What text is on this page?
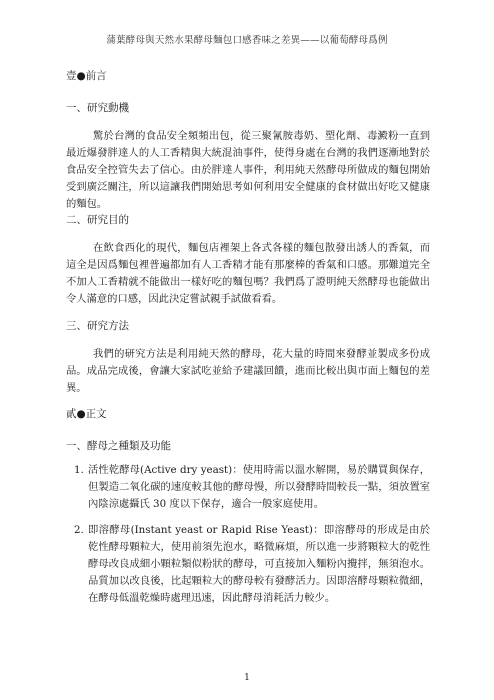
蒲葉酵母與天然水果酵母麵包口感香味之差異——以葡萄酵母爲例
壹●前言
一、研究動機
驚於台灣的食品安全頻頻出包，從三聚氰胺毒奶、塑化劑、毒澱粉一直到最近爆發胖達人的人工香精與大統混油事件，使得身處在台灣的我們逐漸地對於食品安全控管失去了信心。由於胖達人事件，利用純天然酵母所做成的麵包開始受到廣泛關注，所以這讓我們開始思考如何利用安全健康的食材做出好吃又健康的麵包。
二、研究目的
在飲食西化的現代，麵包店裡架上各式各樣的麵包散發出誘人的香氣，而這全是因爲麵包裡普遍都加有人工香精才能有那麼棒的香氣和口感。那難道完全不加人工香精就不能做出一樣好吃的麵包嗎？我們爲了證明純天然酵母也能做出令人滿意的口感，因此決定嘗試親手試做看看。
三、研究方法
我們的研究方法是利用純天然的酵母，花大量的時間來發酵並製成多份成品。成品完成後，會讓大家試吃並給予建議回饋，進而比較出與市面上麵包的差異。
貳●正文
一、酵母之種類及功能
1. 活性乾酵母(Active dry yeast)：使用時需以溫水解開，易於購買與保存，但製造二氧化碳的速度較其他的酵母慢，所以發酵時間較長一點，須放置室內陰涼處攝氏 30 度以下保存，適合一般家庭使用。
2. 即溶酵母(Instant yeast or Rapid Rise Yeast)：即溶酵母的形成是由於乾性酵母顆粒大，使用前須先泡水，略微麻煩，所以進一步將顆粒大的乾性酵母改良成細小顆粒類似粉狀的酵母，可直接加入麵粉內攪拌，無須泡水。品質加以改良後，比起顆粒大的酵母較有發酵活力。因即溶酵母顆粒微細，在酵母低溫乾燥時處理迅速，因此酵母消耗活力較少。
1
